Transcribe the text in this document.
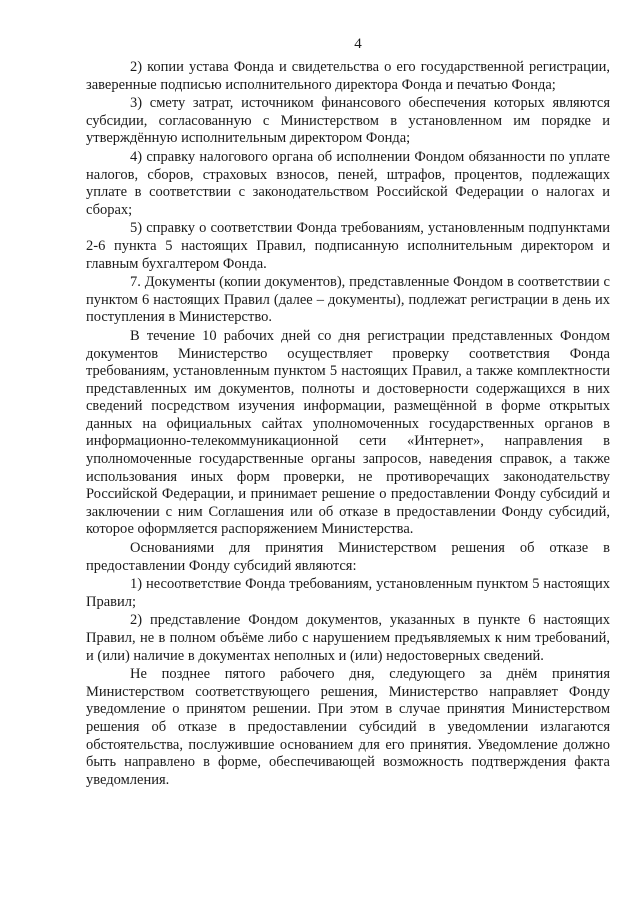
4

2) копии устава Фонда и свидетельства о его государственной регистрации, заверенные подписью исполнительного директора Фонда и печатью Фонда;

3) смету затрат, источником финансового обеспечения которых являются субсидии, согласованную с Министерством в установленном им порядке и утверждённую исполнительным директором Фонда;

4) справку налогового органа об исполнении Фондом обязанности по уплате налогов, сборов, страховых взносов, пеней, штрафов, процентов, подлежащих уплате в соответствии с законодательством Российской Федерации о налогах и сборах;

5) справку о соответствии Фонда требованиям, установленным подпунктами 2-6 пункта 5 настоящих Правил, подписанную исполнительным директором и главным бухгалтером Фонда.

7. Документы (копии документов), представленные Фондом в соответствии с пунктом 6 настоящих Правил (далее – документы), подлежат регистрации в день их поступления в Министерство.

В течение 10 рабочих дней со дня регистрации представленных Фондом документов Министерство осуществляет проверку соответствия Фонда требованиям, установленным пунктом 5 настоящих Правил, а также комплектности представленных им документов, полноты и достоверности содержащихся в них сведений посредством изучения информации, размещённой в форме открытых данных на официальных сайтах уполномоченных государственных органов в информационно-телекоммуникационной сети «Интернет», направления в уполномоченные государственные органы запросов, наведения справок, а также использования иных форм проверки, не противоречащих законодательству Российской Федерации, и принимает решение о предоставлении Фонду субсидий и заключении с ним Соглашения или об отказе в предоставлении Фонду субсидий, которое оформляется распоряжением Министерства.

Основаниями для принятия Министерством решения об отказе в предоставлении Фонду субсидий являются:

1) несоответствие Фонда требованиям, установленным пунктом 5 настоящих Правил;

2) представление Фондом документов, указанных в пункте 6 настоящих Правил, не в полном объёме либо с нарушением предъявляемых к ним требований, и (или) наличие в документах неполных и (или) недостоверных сведений.

Не позднее пятого рабочего дня, следующего за днём принятия Министерством соответствующего решения, Министерство направляет Фонду уведомление о принятом решении. При этом в случае принятия Министерством решения об отказе в предоставлении субсидий в уведомлении излагаются обстоятельства, послужившие основанием для его принятия. Уведомление должно быть направлено в форме, обеспечивающей возможность подтверждения факта уведомления.
